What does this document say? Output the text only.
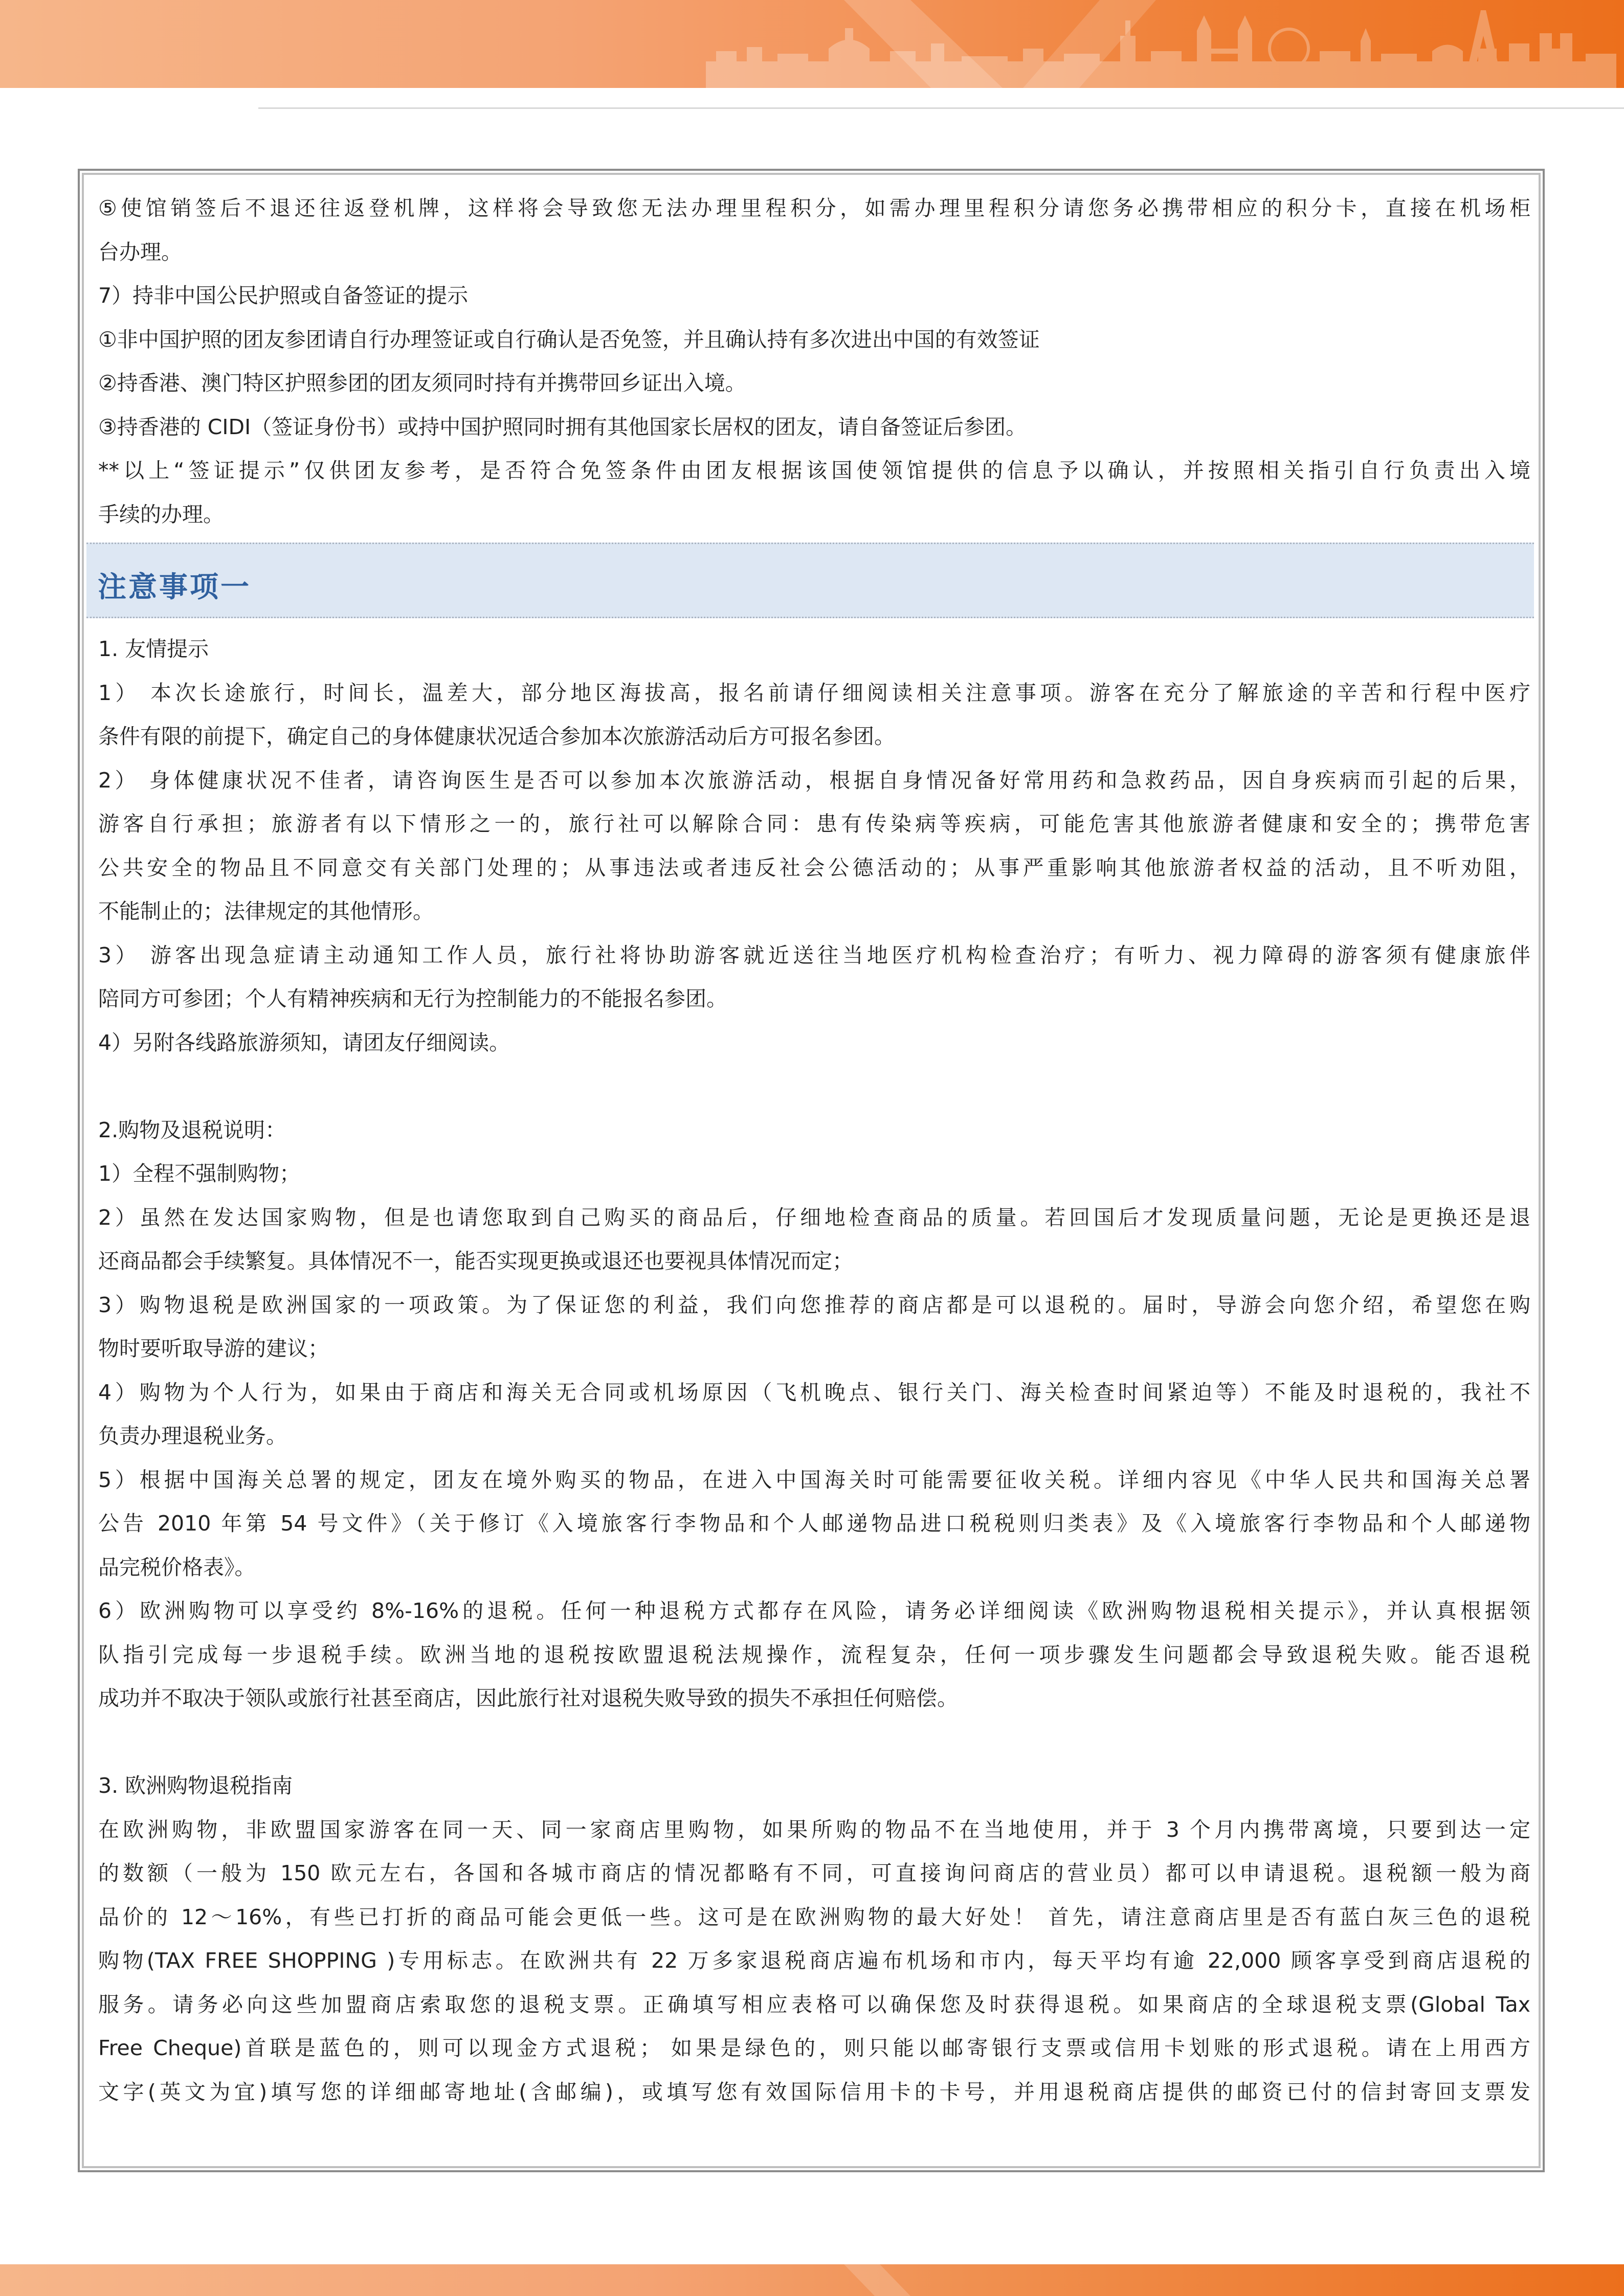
⑤使馆销签后不退还往返登机牌，这样将会导致您无法办理里程积分，如需办理里程积分请您务必携带相应的积分卡，直接在机场柜
台办理。
7）持非中国公民护照或自备签证的提示
①非中国护照的团友参团请自行办理签证或自行确认是否免签，并且确认持有多次进出中国的有效签证
②持香港、澳门特区护照参团的团友须同时持有并携带回乡证出入境。
③持香港的 CIDI（签证身份书）或持中国护照同时拥有其他国家长居权的团友，请自备签证后参团。
**以上“签证提示”仅供团友参考，是否符合免签条件由团友根据该国使领馆提供的信息予以确认，并按照相关指引自行负责出入境
手续的办理。
注意事项一
1. 友情提示
1） 本次长途旅行，时间长，温差大，部分地区海拔高，报名前请仔细阅读相关注意事项。游客在充分了解旅途的辛苦和行程中医疗
条件有限的前提下，确定自己的身体健康状况适合参加本次旅游活动后方可报名参团。
2） 身体健康状况不佳者，请咨询医生是否可以参加本次旅游活动，根据自身情况备好常用药和急救药品，因自身疾病而引起的后果，
游客自行承担；旅游者有以下情形之一的，旅行社可以解除合同：患有传染病等疾病，可能危害其他旅游者健康和安全的；携带危害
公共安全的物品且不同意交有关部门处理的；从事违法或者违反社会公德活动的；从事严重影响其他旅游者权益的活动，且不听劝阻，
不能制止的；法律规定的其他情形。
3） 游客出现急症请主动通知工作人员，旅行社将协助游客就近送往当地医疗机构检查治疗；有听力、视力障碍的游客须有健康旅伴
陪同方可参团；个人有精神疾病和无行为控制能力的不能报名参团。
4）另附各线路旅游须知，请团友仔细阅读。
2.购物及退税说明：
1）全程不强制购物；
2）虽然在发达国家购物，但是也请您取到自己购买的商品后，仔细地检查商品的质量。若回国后才发现质量问题，无论是更换还是退
还商品都会手续繁复。具体情况不一，能否实现更换或退还也要视具体情况而定；
3）购物退税是欧洲国家的一项政策。为了保证您的利益，我们向您推荐的商店都是可以退税的。届时，导游会向您介绍，希望您在购
物时要听取导游的建议；
4）购物为个人行为，如果由于商店和海关无合同或机场原因（飞机晚点、银行关门、海关检查时间紧迫等）不能及时退税的，我社不
负责办理退税业务。
5）根据中国海关总署的规定，团友在境外购买的物品，在进入中国海关时可能需要征收关税。详细内容见《中华人民共和国海关总署
公告 2010 年第 54 号文件》（关于修订《入境旅客行李物品和个人邮递物品进口税税则归类表》及《入境旅客行李物品和个人邮递物
品完税价格表》。
6）欧洲购物可以享受约 8%-16%的退税。任何一种退税方式都存在风险，请务必详细阅读《欧洲购物退税相关提示》，并认真根据领
队指引完成每一步退税手续。欧洲当地的退税按欧盟退税法规操作，流程复杂，任何一项步骤发生问题都会导致退税失败。能否退税
成功并不取决于领队或旅行社甚至商店，因此旅行社对退税失败导致的损失不承担任何赔偿。
3. 欧洲购物退税指南
在欧洲购物，非欧盟国家游客在同一天、同一家商店里购物，如果所购的物品不在当地使用，并于 3 个月内携带离境，只要到达一定
的数额（一般为 150 欧元左右，各国和各城市商店的情况都略有不同，可直接询问商店的营业员）都可以申请退税。退税额一般为商
品价的 12～16%，有些已打折的商品可能会更低一些。这可是在欧洲购物的最大好处！ 首先，请注意商店里是否有蓝白灰三色的退税
购物(TAX FREE SHOPPING )专用标志。在欧洲共有 22 万多家退税商店遍布机场和市内，每天平均有逾 22,000 顾客享受到商店退税的
服务。请务必向这些加盟商店索取您的退税支票。正确填写相应表格可以确保您及时获得退税。如果商店的全球退税支票(Global Tax
Free Cheque)首联是蓝色的，则可以现金方式退税； 如果是绿色的，则只能以邮寄银行支票或信用卡划账的形式退税。请在上用西方
文字(英文为宜)填写您的详细邮寄地址(含邮编)，或填写您有效国际信用卡的卡号，并用退税商店提供的邮资已付的信封寄回支票发
